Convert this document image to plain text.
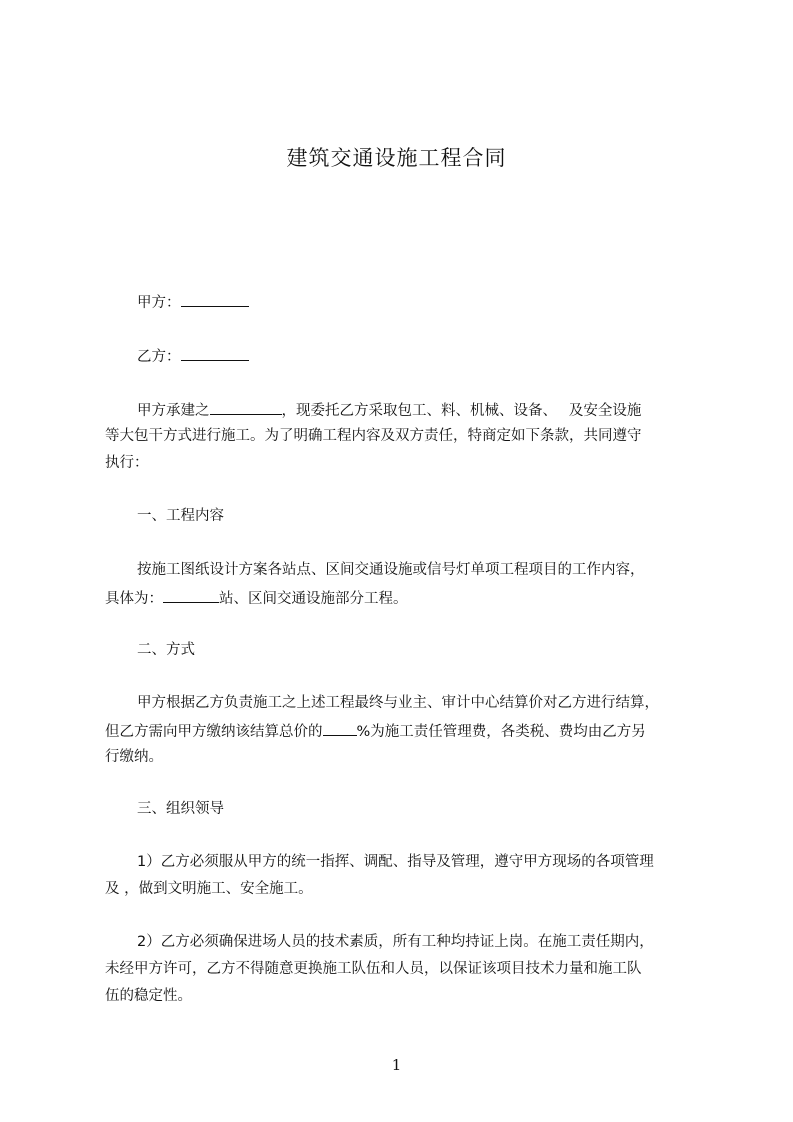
建筑交通设施工程合同
甲方：
乙方：
甲方承建之	，现委托乙方采取包工、料、机械、设备、　 及安全设施
等大包干方式进行施工。为了明确工程内容及双方责任，特商定如下条款，共同遵守
执行：
一、工程内容
按施工图纸设计方案各站点、区间交通设施或信号灯单项工程项目的工作内容，
具体为：	站、区间交通设施部分工程。
二、方式
甲方根据乙方负责施工之上述工程最终与业主、审计中心结算价对乙方进行结算，
但乙方需向甲方缴纳该结算总价的 %为施工责任管理费，各类税、费均由乙方另
行缴纳。
三、组织领导
1）乙方必须服从甲方的统一指挥、调配、指导及管理，遵守甲方现场的各项管理
及 ，做到文明施工、安全施工。
2）乙方必须确保进场人员的技术素质，所有工种均持证上岗。在施工责任期内，
未经甲方许可，乙方不得随意更换施工队伍和人员，以保证该项目技术力量和施工队
伍的稳定性。
1
